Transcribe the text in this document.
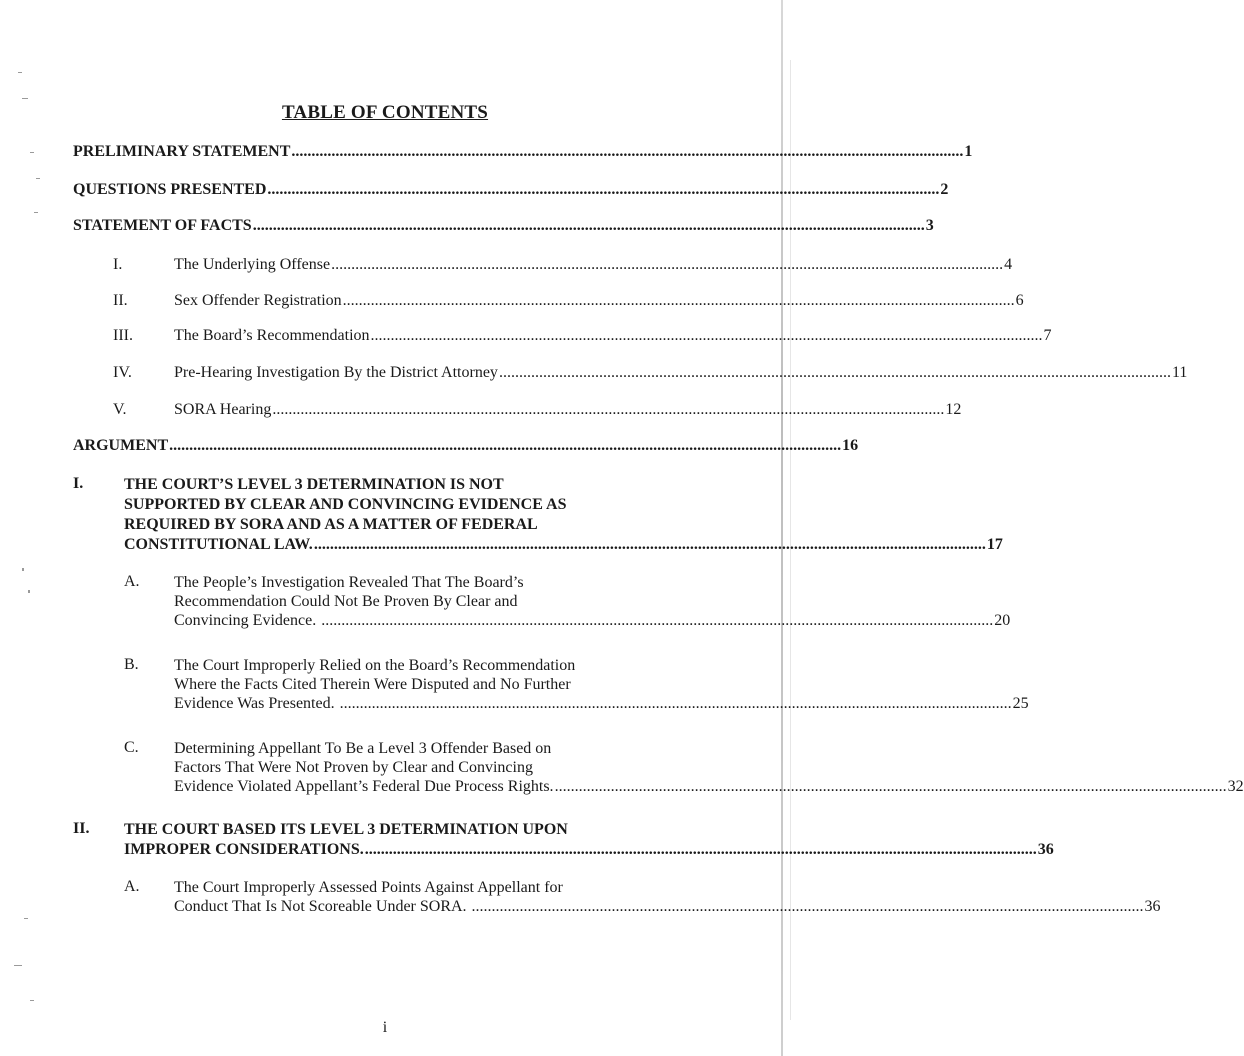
TABLE OF CONTENTS
PRELIMINARY STATEMENT ........................................................................................................................................................................ 1
QUESTIONS PRESENTED ........................................................................................................................................................................ 2
STATEMENT OF FACTS ........................................................................................................................................................................ 3
I.	The Underlying Offense ........................................................................................................................................................................ 4
II.	Sex Offender Registration ........................................................................................................................................................................ 6
III.	The Board’s Recommendation ........................................................................................................................................................................ 7
IV.	Pre-Hearing Investigation By the District Attorney ........................................................................................................................................................................ 11
V.	SORA Hearing ........................................................................................................................................................................ 12
ARGUMENT ........................................................................................................................................................................ 16
I.	THE COURT’S LEVEL 3 DETERMINATION IS NOT
SUPPORTED BY CLEAR AND CONVINCING EVIDENCE AS
REQUIRED BY SORA AND AS A MATTER OF FEDERAL
CONSTITUTIONAL LAW. ........................................................................................................................................................................ 17
A. The People’s Investigation Revealed That The Board’s
Recommendation Could Not Be Proven By Clear and
Convincing Evidence. ........................................................................................................................................................................ 20
B. The Court Improperly Relied on the Board’s Recommendation
Where the Facts Cited Therein Were Disputed and No Further
Evidence Was Presented. ........................................................................................................................................................................ 25
C. Determining Appellant To Be a Level 3 Offender Based on
Factors That Were Not Proven by Clear and Convincing
Evidence Violated Appellant’s Federal Due Process Rights. ........................................................................................................................................................................ 32
II. THE COURT BASED ITS LEVEL 3 DETERMINATION UPON
IMPROPER CONSIDERATIONS. ........................................................................................................................................................................ 36
A. The Court Improperly Assessed Points Against Appellant for
Conduct That Is Not Scoreable Under SORA. ........................................................................................................................................................................ 36
i
